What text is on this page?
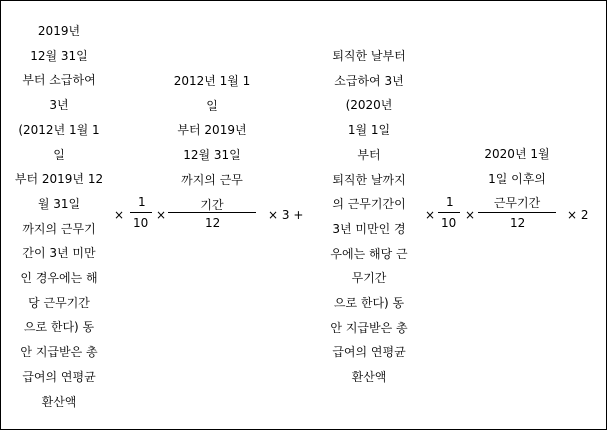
2019년
12월 31일
부터 소급하여
3년
(2012년 1월 1
일
부터 2019년 12
월 31일
까지의 근무기
간이 3년 미만
인 경우에는 해
당 근무기간
으로 한다) 동
안 지급받은 총
급여의 연평균
환산액
×
1
10
×
2012년 1월 1
일
부터 2019년
12월 31일
까지의 근무
기간
12
× 3 +
퇴직한 날부터
소급하여 3년
(2020년
1월 1일
부터
퇴직한 날까지
의 근무기간이
3년 미만인 경
우에는 해당 근
무기간
으로 한다) 동
안 지급받은 총
급여의 연평균
환산액
×
1
10
×
2020년 1월
1일 이후의
근무기간
12
× 2
